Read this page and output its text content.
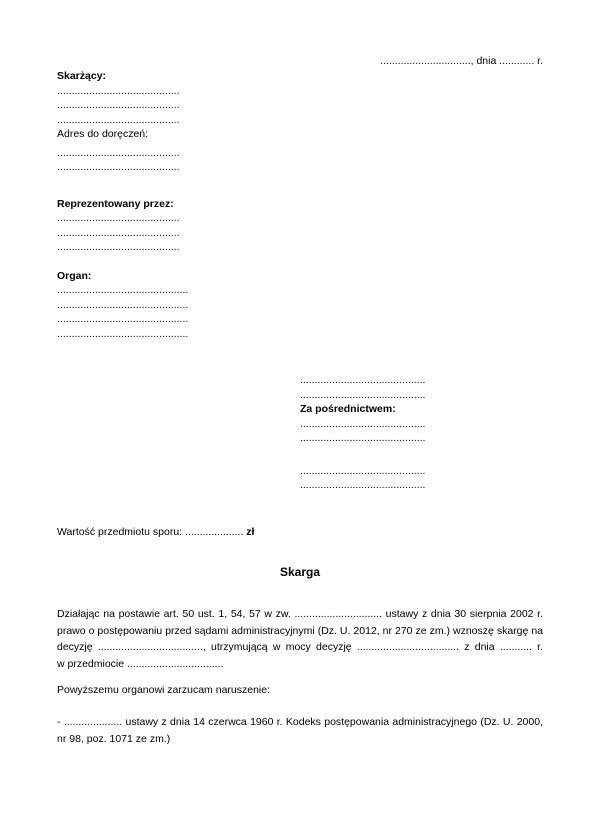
..............................., dnia ............ r.
Skarżący:
..........................................
..........................................
..........................................
Adres do doręczeń:
..........................................
..........................................
Reprezentowany przez:
..........................................
..........................................
..........................................
Organ:
.............................................
.............................................
.............................................
.............................................
...........................................
...........................................
Za pośrednictwem:
...........................................
...........................................
...........................................
...........................................
Wartość przedmiotu sporu: .................... zł
Skarga
Działając na postawie art. 50 ust. 1, 54, 57 w zw. .............................. ustawy z dnia 30 sierpnia 2002 r.
prawo o postępowaniu przed sądami administracyjnymi (Dz. U. 2012, nr 270 ze zm.) wznoszę skargę na
decyzję ...................................., utrzymującą w mocy decyzję ................................... z dnia ........... r.
w przedmiocie .................................
Powyższemu organowi zarzucam naruszenie:
- .................... ustawy z dnia 14 czerwca 1960 r. Kodeks postępowania administracyjnego (Dz. U. 2000,
nr 98, poz. 1071 ze zm.)
